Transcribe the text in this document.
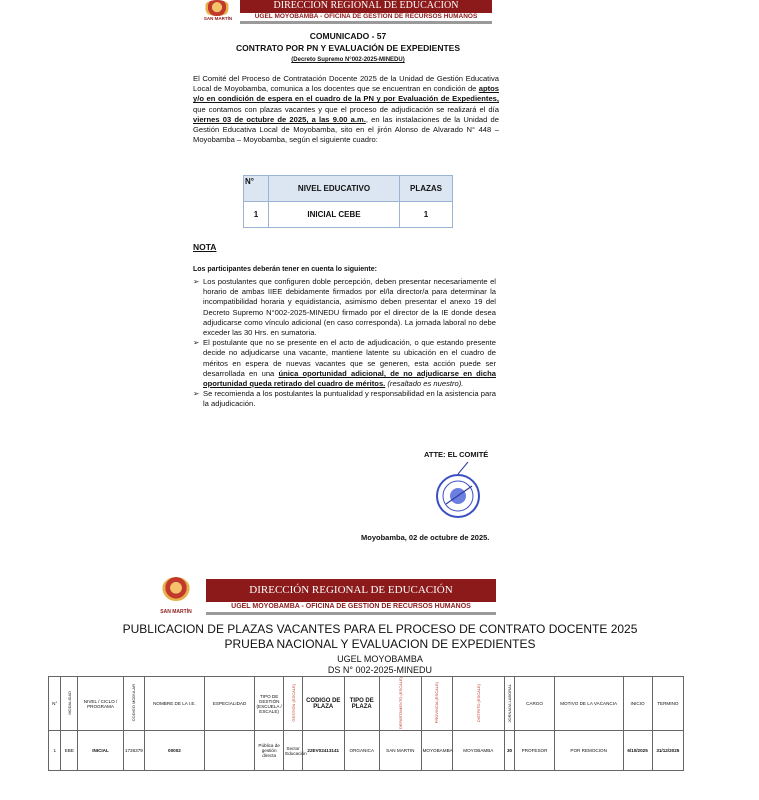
SAN MARTÍN
DIRECCIÓN REGIONAL DE EDUCACIÓN
UGEL MOYOBAMBA - OFICINA DE GESTIÓN DE RECURSOS HUMANOS
COMUNICADO - 57
CONTRATO POR PN Y EVALUACIÓN DE EXPEDIENTES
(Decreto Supremo N°002-2025-MINEDU)
El Comité del Proceso de Contratación Docente 2025 de la Unidad de Gestión Educativa Local de Moyobamba, comunica a los docentes que se encuentran en condición de aptos y/o en condición de espera en el cuadro de la PN y por Evaluación de Expedientes, que contamos con plazas vacantes y que el proceso de adjudicación se realizará el día viernes 03 de octubre de 2025, a las 9.00 a.m., en las instalaciones de la Unidad de Gestión Educativa Local de Moyobamba, sito en el jirón Alonso de Alvarado N° 448 – Moyobamba – Moyobamba, según el siguiente cuadro:
N°	NIVEL EDUCATIVO	PLAZAS
1	INICIAL CEBE	1
NOTA
Los participantes deberán tener en cuenta lo siguiente:
➢ Los postulantes que configuren doble percepción, deben presentar necesariamente el horario de ambas IIEE debidamente firmados por el/la director/a para determinar la incompatibilidad horaria y equidistancia, asimismo deben presentar el anexo 19 del Decreto Supremo N°002-2025-MINEDU firmado por el director de la IE donde desea adjudicarse como vínculo adicional (en caso corresponda). La jornada laboral no debe exceder las 30 Hrs. en sumatoria.
➢ El postulante que no se presente en el acto de adjudicación, o que estando presente decide no adjudicarse una vacante, mantiene latente su ubicación en el cuadro de méritos en espera de nuevas vacantes que se generen, esta acción puede ser desarrollada en una única oportunidad adicional, de no adjudicarse en dicha oportunidad queda retirado del cuadro de méritos. (resaltado es nuestro).
➢ Se recomienda a los postulantes la puntualidad y responsabilidad en la asistencia para la adjudicación.
ATTE: EL COMITÉ
Moyobamba, 02 de octubre de 2025.
SAN MARTÍN
DIRECCIÓN REGIONAL DE EDUCACIÓN
UGEL MOYOBAMBA - OFICINA DE GESTIÓN DE RECURSOS HUMANOS
PUBLICACION DE PLAZAS VACANTES PARA EL PROCESO DE CONTRATO DOCENTE 2025
PRUEBA NACIONAL Y EVALUACION DE EXPEDIENTES
UGEL MOYOBAMBA
DS N° 002-2025-MINEDU
N°	MODALIDAD	NIVEL / CICLO / PROGRAMA	CODIGO MODULAR	NOMBRE DE LA I.E.	ESPECIALIDAD	TIPO DE GESTIÓN (ESCUELA / ESCALE)	GESTIÓN (ESCALE)	CODIGO DE PLAZA	TIPO DE PLAZA	DEPARTAMENTO (ESCALE)	PROVINCIA (ESCALE)	DISTRITO (ESCALE)	JORNADA LABORAL	CARGO	MOTIVO DE LA VACANCIA	INICIO	TERMINO
1	EBE	INICIAL	1736379	00002		Pública de gestión directa	Sector Educación	22EV02413141	ORGANICA	SAN MARTIN	MOYOBAMBA	MOYOBAMBA	30	PROFESOR	POR REMOCION	6/10/2025	31/12/2025
